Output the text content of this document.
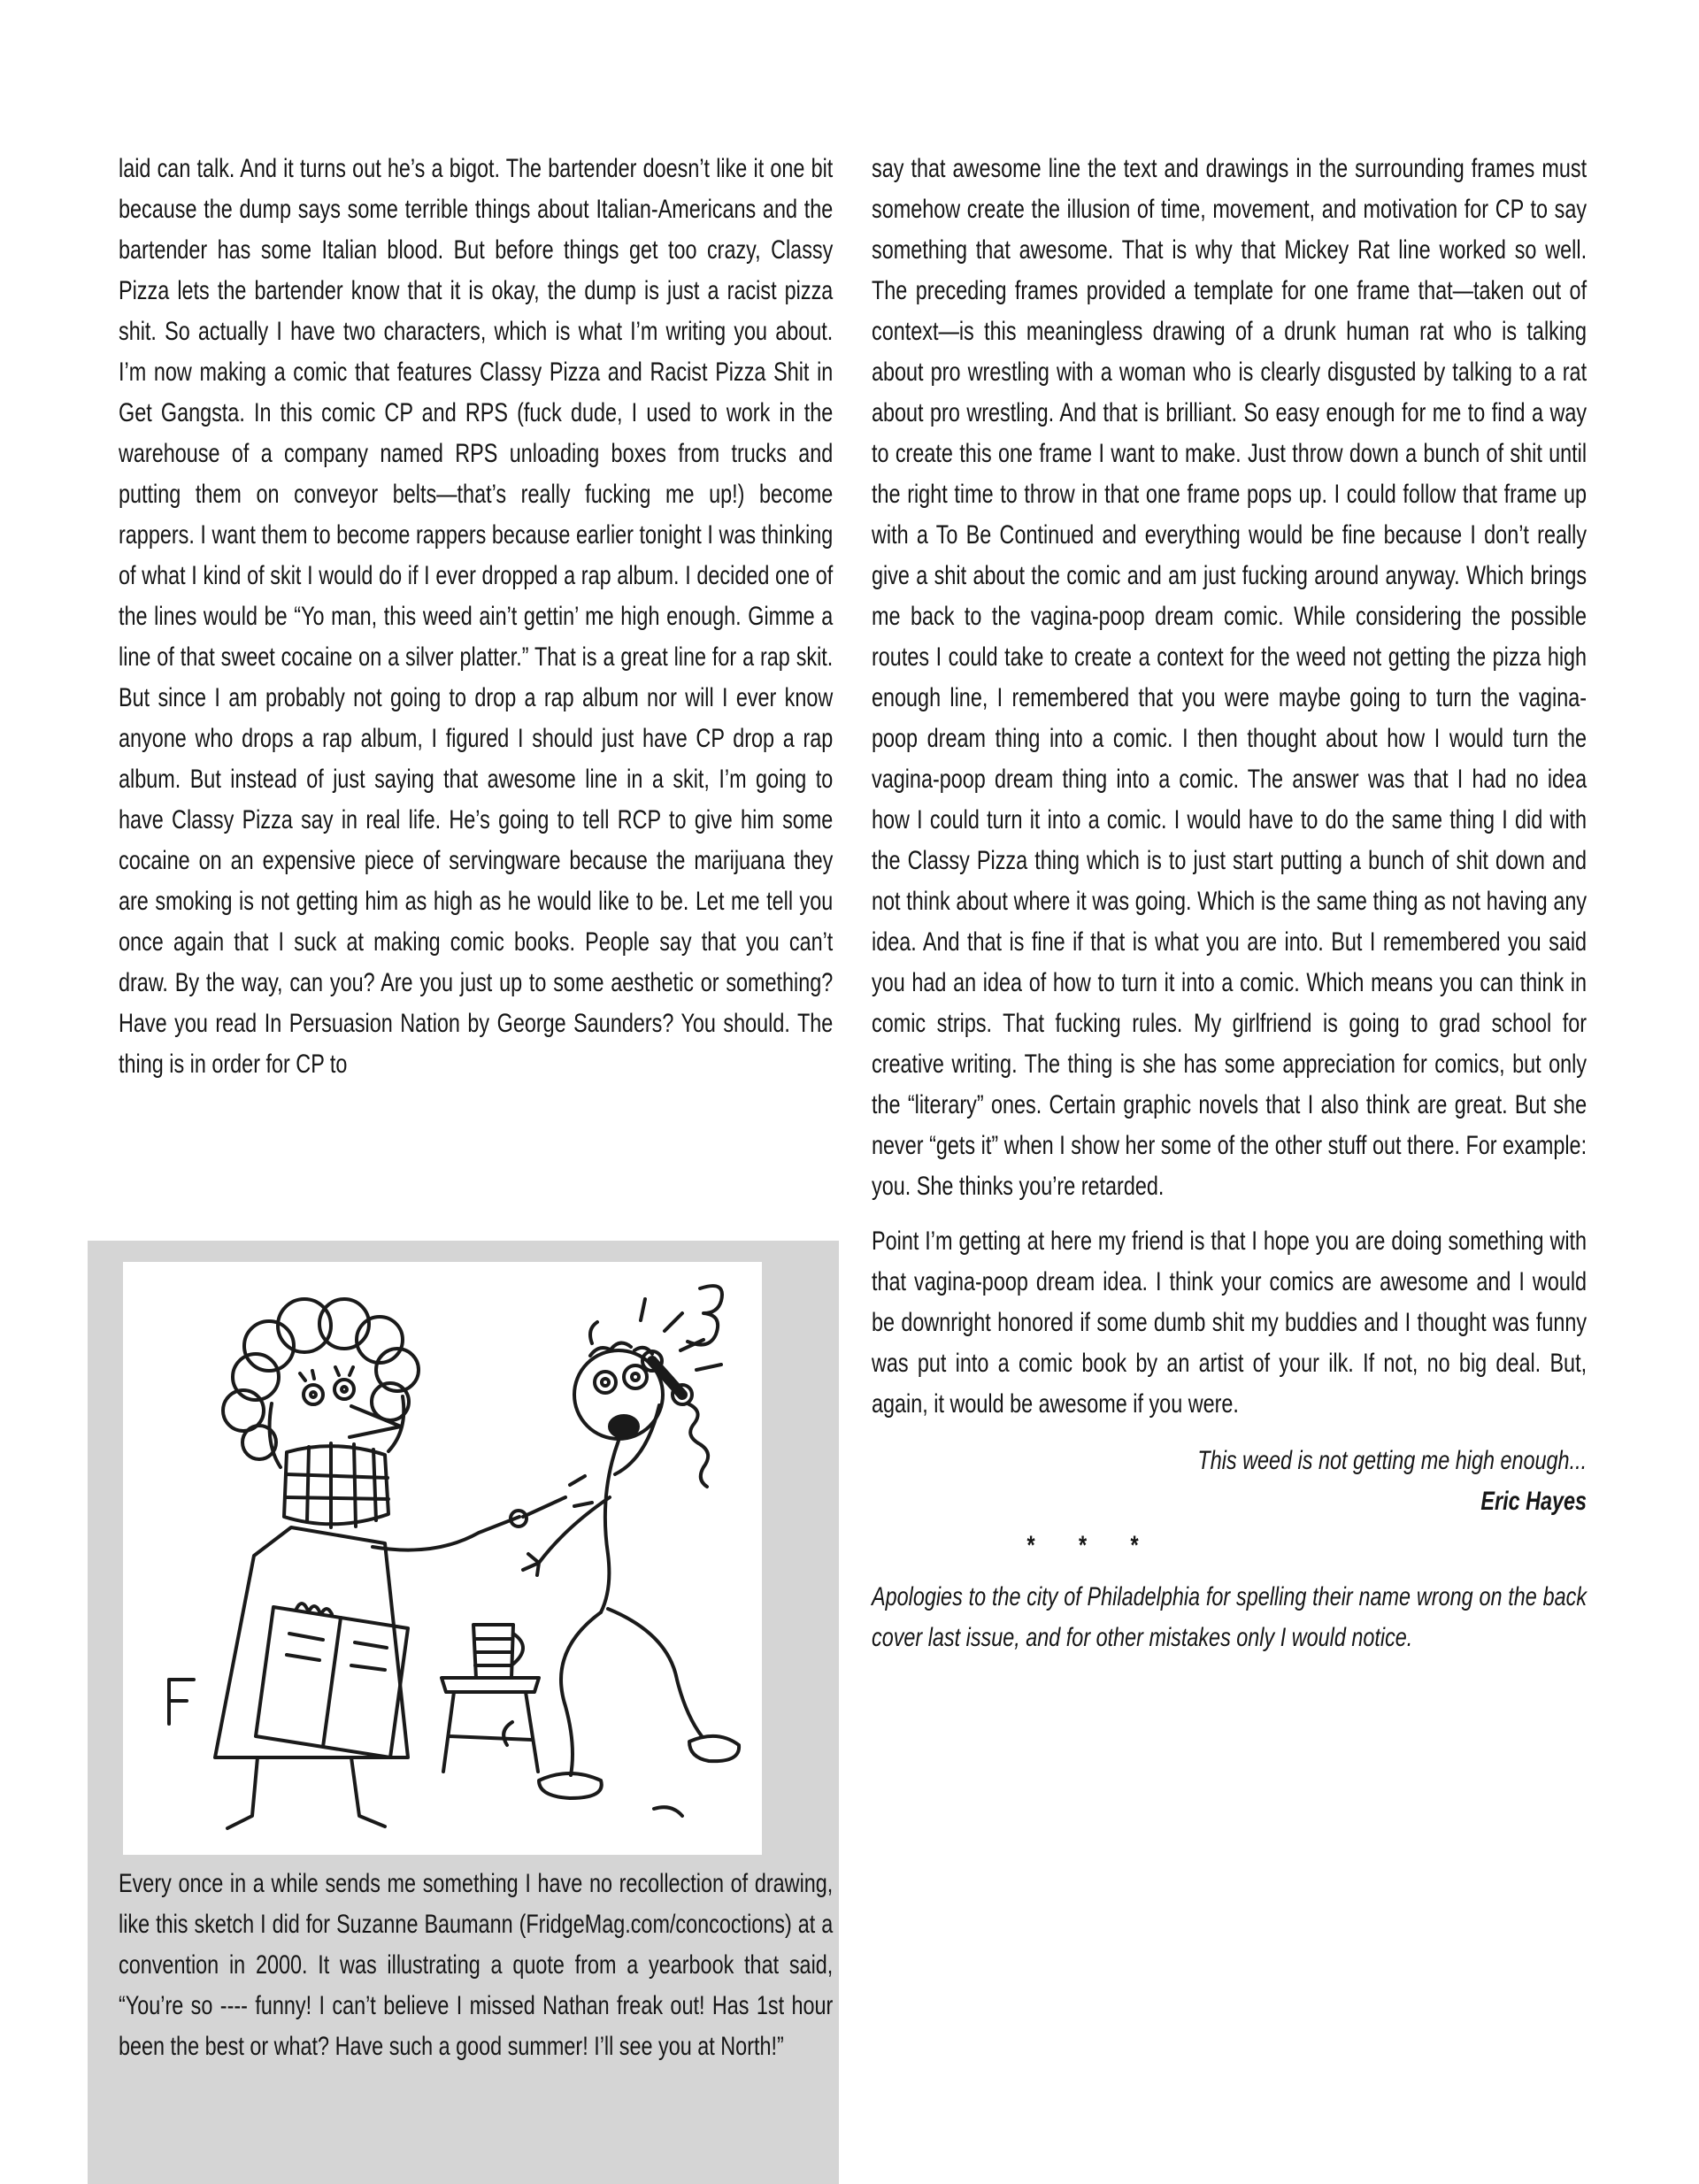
Every once in a while sends me something I have no recollection of drawing, like this sketch I did for Suzanne Baumann (FridgeMag.com/concoctions) at a convention in 2000. It was illustrating a quote from a yearbook that said, “You’re so ---- funny! I can’t believe I missed Nathan freak out! Has 1st hour been the best or what? Have such a good summer! I’ll see you at North!”
laid can talk. And it turns out he’s a bigot. The bartender doesn’t like it one bit because the dump says some terrible things about Italian-Americans and the bartender has some Italian blood. But before things get too crazy, Classy Pizza lets the bartender know that it is okay, the dump is just a racist pizza shit. So actually I have two characters, which is what I’m writing you about. I’m now making a comic that features Classy Pizza and Racist Pizza Shit in Get Gangsta. In this comic CP and RPS (fuck dude, I used to work in the warehouse of a company named RPS unloading boxes from trucks and putting them on conveyor belts—that’s really fucking me up!) become rappers. I want them to become rappers because earlier tonight I was thinking of what I kind of skit I would do if I ever dropped a rap album. I decided one of the lines would be “Yo man, this weed ain’t gettin’ me high enough. Gimme a line of that sweet cocaine on a silver platter.” That is a great line for a rap skit. But since I am probably not going to drop a rap album nor will I ever know anyone who drops a rap album, I figured I should just have CP drop a rap album. But instead of just saying that awesome line in a skit, I’m going to have Classy Pizza say in real life. He’s going to tell RCP to give him some cocaine on an expensive piece of servingware because the marijuana they are smoking is not getting him as high as he would like to be. Let me tell you once again that I suck at making comic books. People say that you can’t draw. By the way, can you? Are you just up to some aesthetic or something? Have you read In Persuasion Nation by George Saunders? You should. The thing is in order for CP to

say that awesome line the text and drawings in the surrounding frames must somehow create the illusion of time, movement, and motivation for CP to say something that awesome. That is why that Mickey Rat line worked so well. The preceding frames provided a template for one frame that—taken out of context—is this meaningless drawing of a drunk human rat who is talking about pro wrestling with a woman who is clearly disgusted by talking to a rat about pro wrestling. And that is brilliant. So easy enough for me to find a way to create this one frame I want to make. Just throw down a bunch of shit until the right time to throw in that one frame pops up. I could follow that frame up with a To Be Continued and everything would be fine because I don’t really give a shit about the comic and am just fucking around anyway. Which brings me back to the vagina-poop dream comic. While considering the possible routes I could take to create a context for the weed not getting the pizza high enough line, I remembered that you were maybe going to turn the vagina-poop dream thing into a comic. I then thought about how I would turn the vagina-poop dream thing into a comic. The answer was that I had no idea how I could turn it into a comic. I would have to do the same thing I did with the Classy Pizza thing which is to just start putting a bunch of shit down and not think about where it was going. Which is the same thing as not having any idea. And that is fine if that is what you are into. But I remembered you said you had an idea of how to turn it into a comic. Which means you can think in comic strips. That fucking rules. My girlfriend is going to grad school for creative writing. The thing is she has some appreciation for comics, but only the “literary” ones. Certain graphic novels that I also think are great. But she never “gets it” when I show her some of the other stuff out there. For example: you. She thinks you’re retarded.

Point I’m getting at here my friend is that I hope you are doing something with that vagina-poop dream idea. I think your comics are awesome and I would be downright honored if some dumb shit my buddies and I thought was funny was put into a comic book by an artist of your ilk. If not, no big deal. But, again, it would be awesome if you were.

This weed is not getting me high enough...

Eric Hayes

* * *

Apologies to the city of Philadelphia for spelling their name wrong on the back cover last issue, and for other mistakes only I would notice.
